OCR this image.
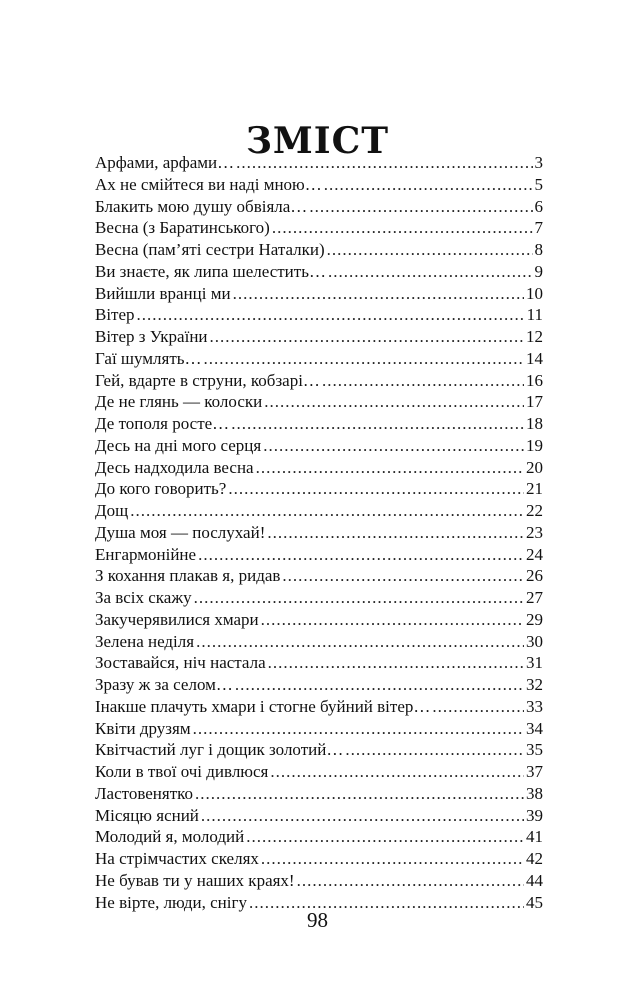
ЗМІСТ
Арфами, арфами… .....	3
Ах не смійтеся ви наді мною… .....	5
Блакить мою душу обвіяла… .....	6
Весна (з Баратинського) .....	7
Весна (пам’яті сестри Наталки) .....	8
Ви знаєте, як липа шелестить… .....	9
Вийшли вранці ми .....	10
Вітер .....	11
Вітер з України .....	12
Гаї шумлять… .....	14
Гей, вдарте в струни, кобзарі… .....	16
Де не глянь — колоски .....	17
Де тополя росте… .....	18
Десь на дні мого серця .....	19
Десь надходила весна .....	20
До кого говорить? .....	21
Дощ .....	22
Душа моя — послухай! .....	23
Енгармонійне .....	24
З кохання плакав я, ридав .....	26
За всіх скажу .....	27
Закучерявилися хмари .....	29
Зелена неділя .....	30
Зоставайся, ніч настала .....	31
Зразу ж за селом… .....	32
Інакше плачуть хмари і стогне буйний вітер… .....	33
Квіти друзям .....	34
Квітчастий луг і дощик золотий… .....	35
Коли в твої очі дивлюся .....	37
Ластовенятко .....	38
Місяцю ясний .....	39
Молодий я, молодий .....	41
На стрімчастих скелях .....	42
Не бував ти у наших краях! .....	44
Не вірте, люди, снігу .....	45
98
